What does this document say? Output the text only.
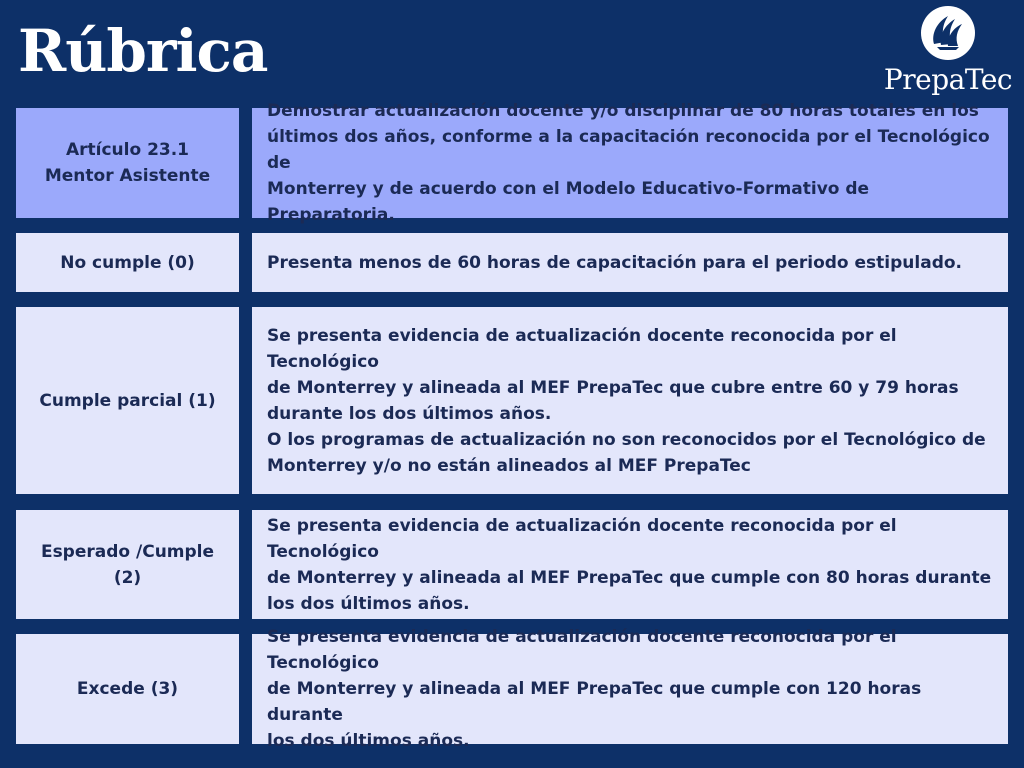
Rúbrica	PrepaTec
Artículo 23.1
Mentor Asistente
Demostrar actualización docente y/o disciplinar de 80 horas totales en los
últimos dos años, conforme a la capacitación reconocida por el Tecnológico de
Monterrey y de acuerdo con el Modelo Educativo-Formativo de Preparatoria.
No cumple (0)	Presenta menos de 60 horas de capacitación para el periodo estipulado.
Cumple parcial (1)
Se presenta evidencia de actualización docente reconocida por el Tecnológico
de Monterrey y alineada al MEF PrepaTec que cubre entre 60 y 79 horas
durante los dos últimos años.
O los programas de actualización no son reconocidos por el Tecnológico de
Monterrey y/o no están alineados al MEF PrepaTec
Esperado /Cumple
(2)
Se presenta evidencia de actualización docente reconocida por el Tecnológico
de Monterrey y alineada al MEF PrepaTec que cumple con 80 horas durante
los dos últimos años.
Excede (3)
Se presenta evidencia de actualización docente reconocida por el Tecnológico
de Monterrey y alineada al MEF PrepaTec que cumple con 120 horas durante
los dos últimos años.
